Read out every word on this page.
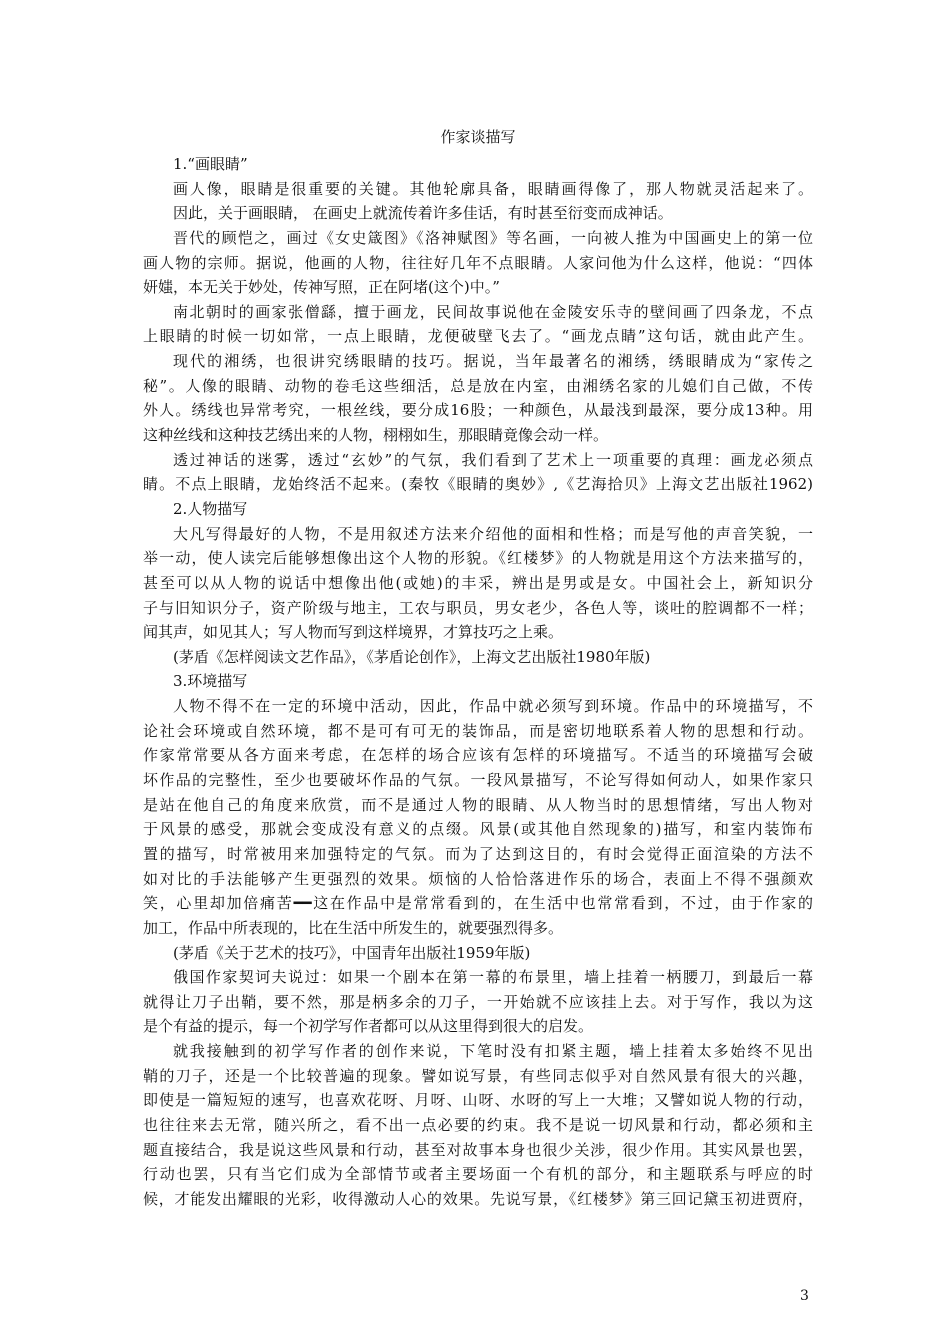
作家谈描写
1.“画眼睛”
画人像，眼睛是很重要的关键。其他轮廓具备，眼睛画得像了，那人物就灵活起来了。
因此，关于画眼睛， 在画史上就流传着许多佳话，有时甚至衍变而成神话。
晋代的顾恺之，画过《女史箴图》《洛神赋图》等名画，一向被人推为中国画史上的第一位
画人物的宗师。据说，他画的人物，往往好几年不点眼睛。人家问他为什么这样，他说：“四体
妍媸，本无关于妙处，传神写照，正在阿堵(这个)中。”
南北朝时的画家张僧繇，擅于画龙，民间故事说他在金陵安乐寺的壁间画了四条龙，不点
上眼睛的时候一切如常，一点上眼睛，龙便破壁飞去了。“画龙点睛”这句话，就由此产生。
现代的湘绣，也很讲究绣眼睛的技巧。据说，当年最著名的湘绣，绣眼睛成为“家传之
秘”。人像的眼睛、动物的卷毛这些细活，总是放在内室，由湘绣名家的儿媳们自己做，不传
外人。绣线也异常考究，一根丝线，要分成16股；一种颜色，从最浅到最深，要分成13种。用
这种丝线和这种技艺绣出来的人物，栩栩如生，那眼睛竟像会动一样。
透过神话的迷雾，透过“玄妙”的气氛，我们看到了艺术上一项重要的真理：画龙必须点
睛。不点上眼睛，龙始终活不起来。(秦牧《眼睛的奥妙》,《艺海拾贝》上海文艺出版社1962)
2.人物描写
大凡写得最好的人物，不是用叙述方法来介绍他的面相和性格；而是写他的声音笑貌，一
举一动，使人读完后能够想像出这个人物的形貌。《红楼梦》的人物就是用这个方法来描写的，
甚至可以从人物的说话中想像出他(或她)的丰采，辨出是男或是女。中国社会上，新知识分
子与旧知识分子，资产阶级与地主，工农与职员，男女老少，各色人等，谈吐的腔调都不一样；
闻其声，如见其人；写人物而写到这样境界，才算技巧之上乘。
(茅盾《怎样阅读文艺作品》，《茅盾论创作》，上海文艺出版社1980年版)
3.环境描写
人物不得不在一定的环境中活动，因此，作品中就必须写到环境。作品中的环境描写，不
论社会环境或自然环境，都不是可有可无的装饰品，而是密切地联系着人物的思想和行动。
作家常常要从各方面来考虑，在怎样的场合应该有怎样的环境描写。不适当的环境描写会破
坏作品的完整性，至少也要破坏作品的气氛。一段风景描写，不论写得如何动人，如果作家只
是站在他自己的角度来欣赏，而不是通过人物的眼睛、从人物当时的思想情绪，写出人物对
于风景的感受，那就会变成没有意义的点缀。风景(或其他自然现象的)描写，和室内装饰布
置的描写，时常被用来加强特定的气氛。而为了达到这目的，有时会觉得正面渲染的方法不
如对比的手法能够产生更强烈的效果。烦恼的人恰恰落进作乐的场合，表面上不得不强颜欢
笑，心里却加倍痛苦━━这在作品中是常常看到的，在生活中也常常看到，不过，由于作家的
加工，作品中所表现的，比在生活中所发生的，就要强烈得多。
(茅盾《关于艺术的技巧》，中国青年出版社1959年版)
俄国作家契诃夫说过：如果一个剧本在第一幕的布景里，墙上挂着一柄腰刀，到最后一幕
就得让刀子出鞘，要不然，那是柄多余的刀子，一开始就不应该挂上去。对于写作，我以为这
是个有益的提示，每一个初学写作者都可以从这里得到很大的启发。
就我接触到的初学写作者的创作来说，下笔时没有扣紧主题，墙上挂着太多始终不见出
鞘的刀子，还是一个比较普遍的现象。譬如说写景，有些同志似乎对自然风景有很大的兴趣，
即使是一篇短短的速写，也喜欢花呀、月呀、山呀、水呀的写上一大堆；又譬如说人物的行动，
也往往来去无常，随兴所之，看不出一点必要的约束。我不是说一切风景和行动，都必须和主
题直接结合，我是说这些风景和行动，甚至对故事本身也很少关涉，很少作用。其实风景也罢，
行动也罢，只有当它们成为全部情节或者主要场面一个有机的部分，和主题联系与呼应的时
候，才能发出耀眼的光彩，收得激动人心的效果。先说写景，《红楼梦》第三回记黛玉初进贾府，
3
